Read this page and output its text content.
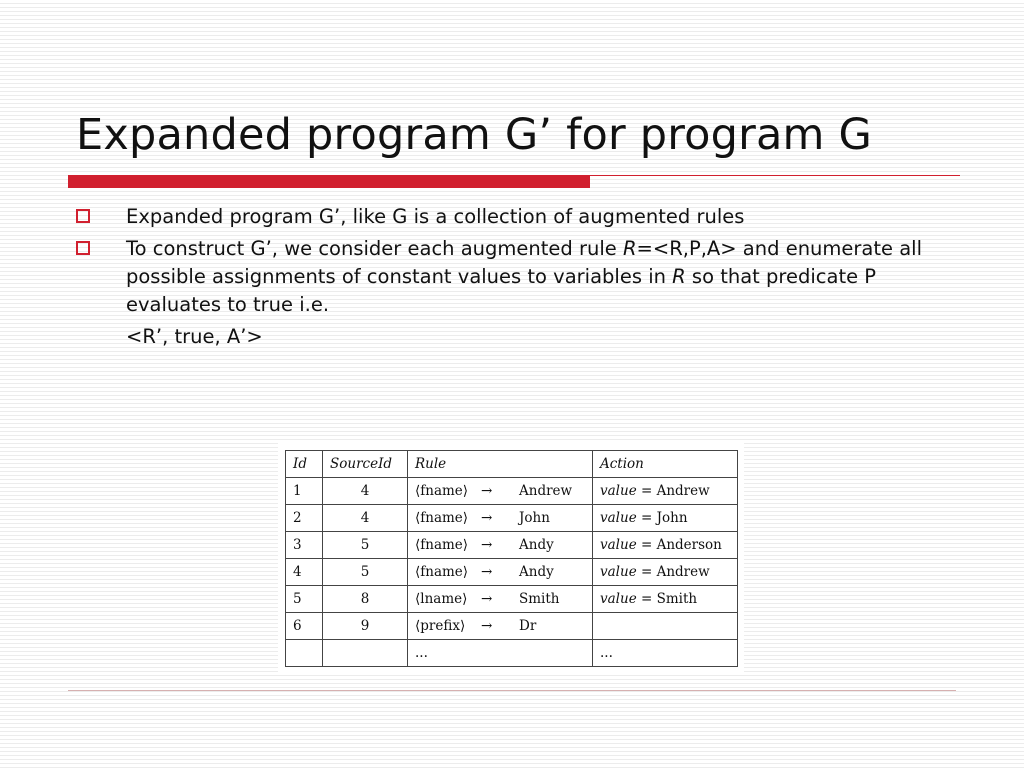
Expanded program G’ for program G
Expanded program G’, like G is a collection of augmented rules
To construct G’, we consider each augmented rule R=<R,P,A> and enumerate all possible assignments of constant values to variables in R so that predicate P evaluates to true i.e.
<R’, true, A’>
Id	SourceId	Rule	Action
1	4	⟨fname⟩ → Andrew	value = Andrew
2	4	⟨fname⟩ → John	value = John
3	5	⟨fname⟩ → Andy	value = Anderson
4	5	⟨fname⟩ → Andy	value = Andrew
5	8	⟨lname⟩ → Smith	value = Smith
6	9	⟨prefix⟩ → Dr	

		...	...
